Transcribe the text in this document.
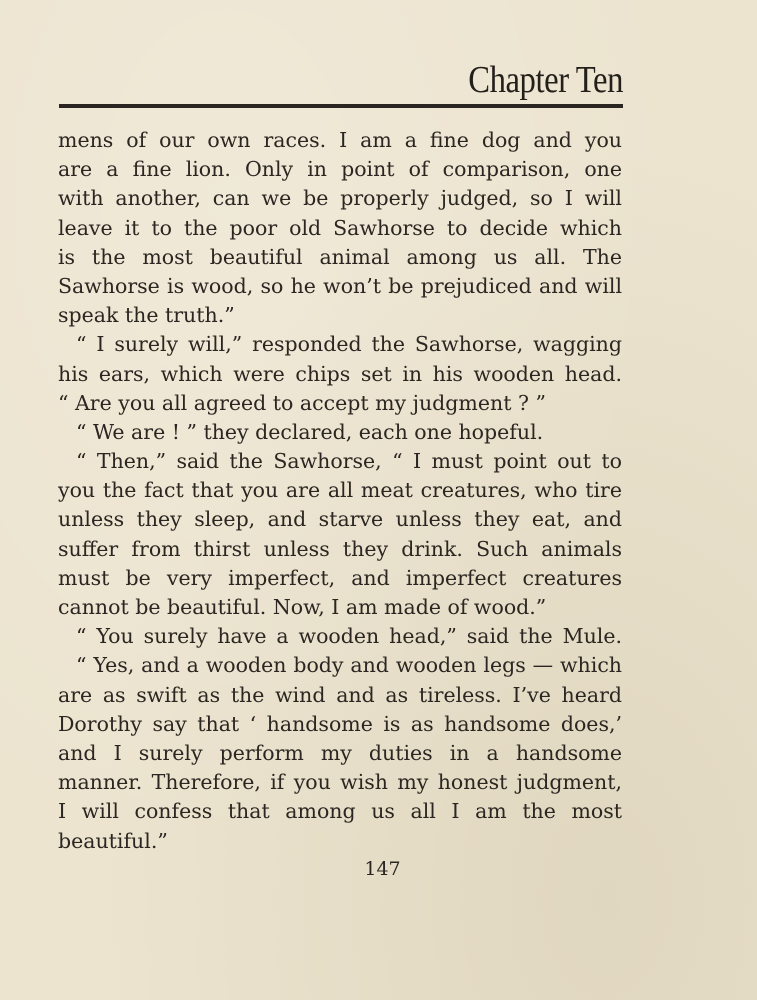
Chapter Ten
mens of our own races. I am a fine dog and you
are a fine lion. Only in point of comparison, one
with another, can we be properly judged, so I will
leave it to the poor old Sawhorse to decide which
is the most beautiful animal among us all. The
Sawhorse is wood, so he won’t be prejudiced and will
speak the truth.”
“ I surely will,” responded the Sawhorse, wagging
his ears, which were chips set in his wooden head.
“ Are you all agreed to accept my judgment ? ”
“ We are ! ” they declared, each one hopeful.
“ Then,” said the Sawhorse, “ I must point out to
you the fact that you are all meat creatures, who tire
unless they sleep, and starve unless they eat, and
suffer from thirst unless they drink. Such animals
must be very imperfect, and imperfect creatures
cannot be beautiful. Now, I am made of wood.”
“ You surely have a wooden head,” said the Mule.
“ Yes, and a wooden body and wooden legs — which
are as swift as the wind and as tireless. I’ve heard
Dorothy say that ‘ handsome is as handsome does,’
and I surely perform my duties in a handsome
manner. Therefore, if you wish my honest judgment,
I will confess that among us all I am the most
beautiful.”
147
